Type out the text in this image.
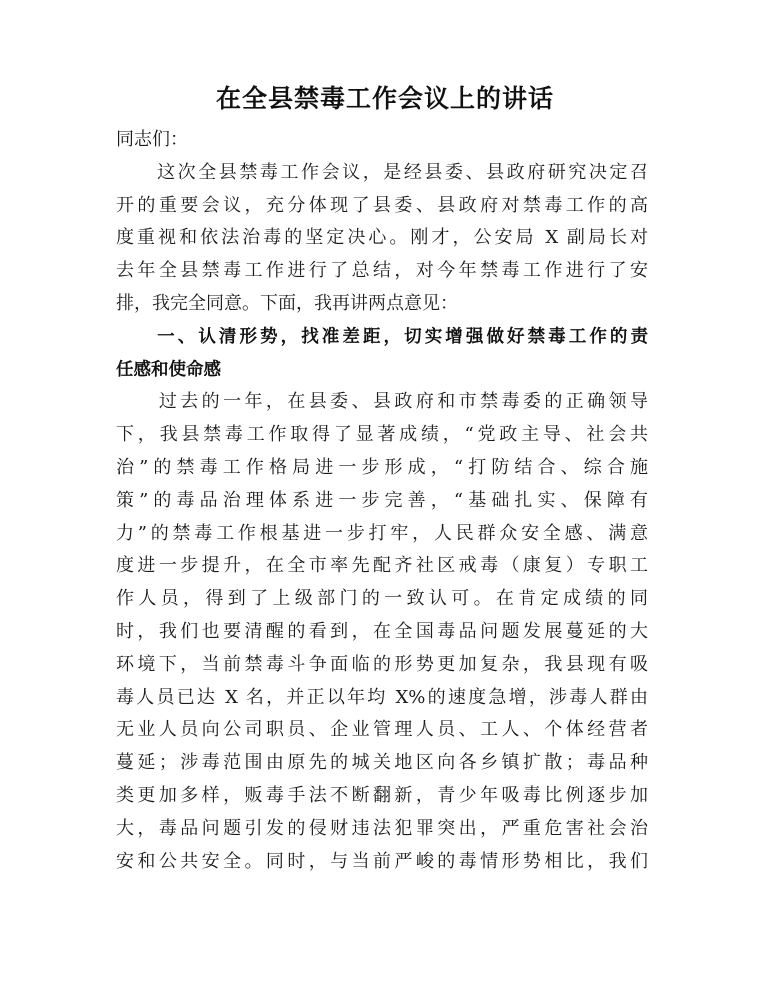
在全县禁毒工作会议上的讲话
同志们：
　　这次全县禁毒工作会议，是经县委、县政府研究决定召
开的重要会议，充分体现了县委、县政府对禁毒工作的高
度重视和依法治毒的坚定决心。刚才，公安局 X 副局长对
去年全县禁毒工作进行了总结，对今年禁毒工作进行了安
排，我完全同意。下面，我再讲两点意见：
　　一、认清形势，找准差距，切实增强做好禁毒工作的责
任感和使命感
　　过去的一年，在县委、县政府和市禁毒委的正确领导
下，我县禁毒工作取得了显著成绩，“党政主导、社会共
治”的禁毒工作格局进一步形成，“打防结合、综合施
策”的毒品治理体系进一步完善，“基础扎实、保障有
力”的禁毒工作根基进一步打牢，人民群众安全感、满意
度进一步提升，在全市率先配齐社区戒毒（康复）专职工
作人员，得到了上级部门的一致认可。在肯定成绩的同
时，我们也要清醒的看到，在全国毒品问题发展蔓延的大
环境下，当前禁毒斗争面临的形势更加复杂，我县现有吸
毒人员已达 X 名，并正以年均 X%的速度急增，涉毒人群由
无业人员向公司职员、企业管理人员、工人、个体经营者
蔓延；涉毒范围由原先的城关地区向各乡镇扩散；毒品种
类更加多样，贩毒手法不断翻新，青少年吸毒比例逐步加
大，毒品问题引发的侵财违法犯罪突出，严重危害社会治
安和公共安全。同时，与当前严峻的毒情形势相比，我们
